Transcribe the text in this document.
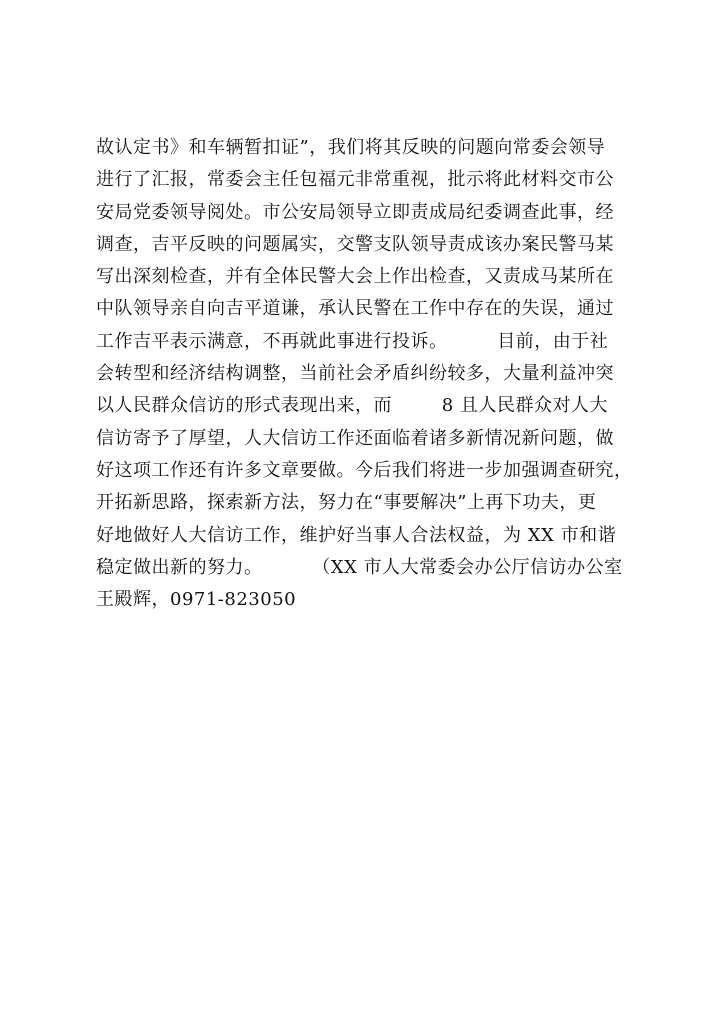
故认定书》和车辆暂扣证”，我们将其反映的问题向常委会领导
进行了汇报，常委会主任包福元非常重视，批示将此材料交市公
安局党委领导阅处。市公安局领导立即责成局纪委调查此事，经
调查，吉平反映的问题属实，交警支队领导责成该办案民警马某
写出深刻检查，并有全体民警大会上作出检查，又责成马某所在
中队领导亲自向吉平道谦，承认民警在工作中存在的失误，通过
工作吉平表示满意，不再就此事进行投诉。        目前，由于社
会转型和经济结构调整，当前社会矛盾纠纷较多，大量利益冲突
以人民群众信访的形式表现出来，而        8 且人民群众对人大
信访寄予了厚望，人大信访工作还面临着诸多新情况新问题，做
好这项工作还有许多文章要做。今后我们将进一步加强调查研究，
开拓新思路，探索新方法，努力在“事要解决”上再下功夫，更
好地做好人大信访工作，维护好当事人合法权益，为 XX 市和谐
稳定做出新的努力。        （XX 市人大常委会办公厅信访办公室
王殿辉，0971-823050
